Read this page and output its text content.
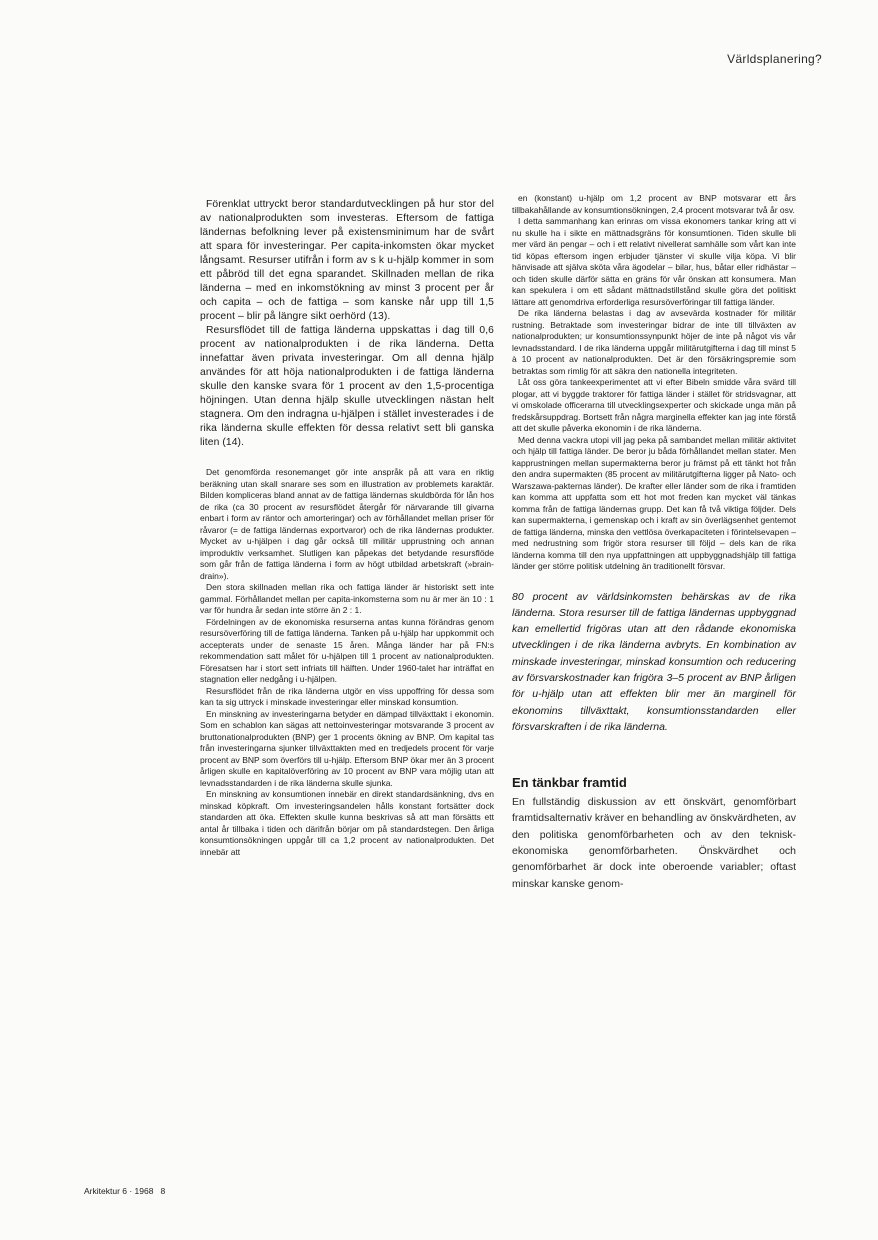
Världsplanering?

Förenklat uttryckt beror standardutvecklingen på hur stor del av nationalprodukten som investeras. Eftersom de fattiga ländernas befolkning lever på existensminimum har de svårt att spara för investeringar. Per capita-inkomsten ökar mycket långsamt. Resurser utifrån i form av s k u-hjälp kommer in som ett påbröd till det egna sparandet. Skillnaden mellan de rika länderna – med en inkomstökning av minst 3 procent per år och capita – och de fattiga – som kanske når upp till 1,5 procent – blir på längre sikt oerhörd (13).

Resursflödet till de fattiga länderna uppskattas i dag till 0,6 procent av nationalprodukten i de rika länderna. Detta innefattar även privata investeringar. Om all denna hjälp användes för att höja nationalprodukten i de fattiga länderna skulle den kanske svara för 1 procent av den 1,5-procentiga höjningen. Utan denna hjälp skulle utvecklingen nästan helt stagnera. Om den indragna u-hjälpen i stället investerades i de rika länderna skulle effekten för dessa relativt sett bli ganska liten (14).

Det genomförda resonemanget gör inte anspråk på att vara en riktig beräkning utan skall snarare ses som en illustration av problemets karaktär. Bilden kompliceras bland annat av de fattiga ländernas skuldbörda för lån hos de rika (ca 30 procent av resursflödet återgår för närvarande till givarna enbart i form av räntor och amorteringar) och av förhållandet mellan priser för råvaror (= de fattiga ländernas exportvaror) och de rika ländernas produkter. Mycket av u-hjälpen i dag går också till militär upprustning och annan improduktiv verksamhet. Slutligen kan påpekas det betydande resursflöde som går från de fattiga länderna i form av högt utbildad arbetskraft (»brain-drain»).

Den stora skillnaden mellan rika och fattiga länder är historiskt sett inte gammal. Förhållandet mellan per capita-inkomsterna som nu är mer än 10 : 1 var för hundra år sedan inte större än 2 : 1.

Fördelningen av de ekonomiska resurserna antas kunna förändras genom resursöverföring till de fattiga länderna. Tanken på u-hjälp har uppkommit och accepterats under de senaste 15 åren. Många länder har på FN:s rekommendation satt målet för u-hjälpen till 1 procent av nationalprodukten. Föresatsen har i stort sett infriats till hälften. Under 1960-talet har inträffat en stagnation eller nedgång i u-hjälpen.

Resursflödet från de rika länderna utgör en viss uppoffring för dessa som kan ta sig uttryck i minskade investeringar eller minskad konsumtion.

En minskning av investeringarna betyder en dämpad tillväxttakt i ekonomin. Som en schablon kan sägas att nettoinvesteringar motsvarande 3 procent av bruttonationalprodukten (BNP) ger 1 procents ökning av BNP. Om kapital tas från investeringarna sjunker tillväxttakten med en tredjedels procent för varje procent av BNP som överförs till u-hjälp. Eftersom BNP ökar mer än 3 procent årligen skulle en kapitalöverföring av 10 procent av BNP vara möjlig utan att levnadsstandarden i de rika länderna skulle sjunka.

En minskning av konsumtionen innebär en direkt standardsänkning, dvs en minskad köpkraft. Om investeringsandelen hålls konstant fortsätter dock standarden att öka. Effekten skulle kunna beskrivas så att man försätts ett antal år tillbaka i tiden och därifrån börjar om på standardstegen. Den årliga konsumtionsökningen uppgår till ca 1,2 procent av nationalprodukten. Det innebär att

en (konstant) u-hjälp om 1,2 procent av BNP motsvarar ett års tillbakahållande av konsumtionsökningen, 2,4 procent motsvarar två år osv.

I detta sammanhang kan erinras om vissa ekonomers tankar kring att vi nu skulle ha i sikte en mättnadsgräns för konsumtionen. Tiden skulle bli mer värd än pengar – och i ett relativt nivellerat samhälle som vårt kan inte tid köpas eftersom ingen erbjuder tjänster vi skulle vilja köpa. Vi blir hänvisade att själva sköta våra ägodelar – bilar, hus, båtar eller ridhästar – och tiden skulle därför sätta en gräns för vår önskan att konsumera. Man kan spekulera i om ett sådant mättnadstillstånd skulle göra det politiskt lättare att genomdriva erforderliga resursöverföringar till fattiga länder.

De rika länderna belastas i dag av avsevärda kostnader för militär rustning. Betraktade som investeringar bidrar de inte till tillväxten av nationalprodukten; ur konsumtionssynpunkt höjer de inte på något vis vår levnadsstandard. I de rika länderna uppgår militärutgifterna i dag till minst 5 à 10 procent av nationalprodukten. Det är den försäkringspremie som betraktas som rimlig för att säkra den nationella integriteten.

Låt oss göra tankeexperimentet att vi efter Bibeln smidde våra svärd till plogar, att vi byggde traktorer för fattiga länder i stället för stridsvagnar, att vi omskolade officerarna till utvecklingsexperter och skickade unga män på fredskårsuppdrag. Bortsett från några marginella effekter kan jag inte förstå att det skulle påverka ekonomin i de rika länderna.

Med denna vackra utopi vill jag peka på sambandet mellan militär aktivitet och hjälp till fattiga länder. De beror ju båda förhållandet mellan stater. Men kapprustningen mellan supermakterna beror ju främst på ett tänkt hot från den andra supermakten (85 procent av militärutgifterna ligger på Nato- och Warszawa-pakternas länder). De krafter eller länder som de rika i framtiden kan komma att uppfatta som ett hot mot freden kan mycket väl tänkas komma från de fattiga ländernas grupp. Det kan få två viktiga följder. Dels kan supermakterna, i gemenskap och i kraft av sin överlägsenhet gentemot de fattiga länderna, minska den vettlösa överkapaciteten i förintelsevapen – med nedrustning som frigör stora resurser till följd – dels kan de rika länderna komma till den nya uppfattningen att uppbyggnadshjälp till fattiga länder ger större politisk utdelning än traditionellt försvar.

80 procent av världsinkomsten behärskas av de rika länderna. Stora resurser till de fattiga ländernas uppbyggnad kan emellertid frigöras utan att den rådande ekonomiska utvecklingen i de rika länderna avbryts. En kombination av minskade investeringar, minskad konsumtion och reducering av försvarskostnader kan frigöra 3–5 procent av BNP årligen för u-hjälp utan att effekten blir mer än marginell för ekonomins tillväxttakt, konsumtionsstandarden eller försvarskraften i de rika länderna.

En tänkbar framtid

En fullständig diskussion av ett önskvärt, genomförbart framtidsalternativ kräver en behandling av önskvärdheten, av den politiska genomförbarheten och av den teknisk-ekonomiska genomförbarheten. Önskvärdhet och genomförbarhet är dock inte oberoende variabler; oftast minskar kanske genom-

Arkitektur 6 · 1968   8
